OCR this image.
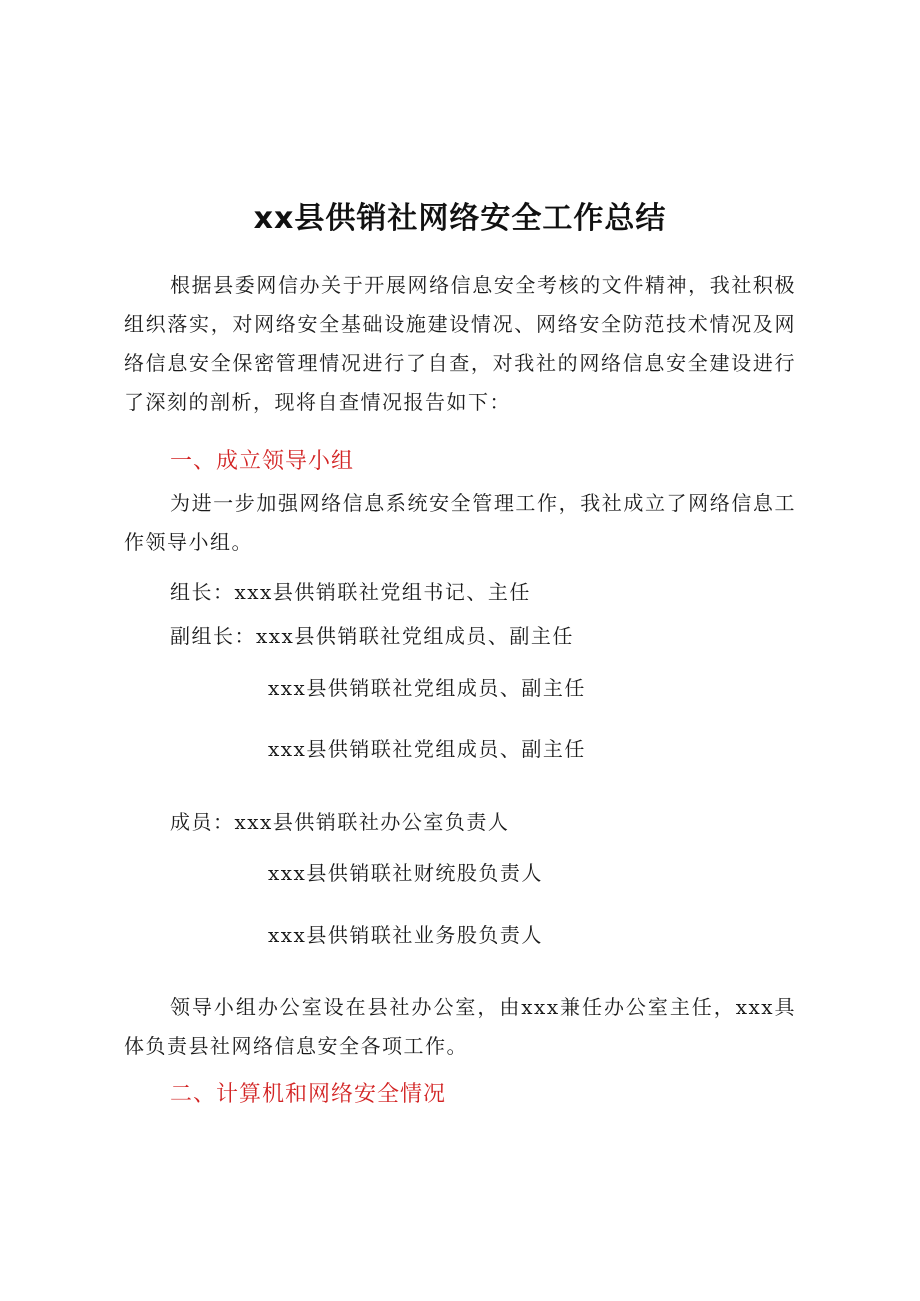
xx县供销社网络安全工作总结

根据县委网信办关于开展网络信息安全考核的文件精神，我社积极组织落实，对网络安全基础设施建设情况、网络安全防范技术情况及网络信息安全保密管理情况进行了自查，对我社的网络信息安全建设进行了深刻的剖析，现将自查情况报告如下：

一、成立领导小组

为进一步加强网络信息系统安全管理工作，我社成立了网络信息工作领导小组。

组长：xxx县供销联社党组书记、主任
副组长：xxx县供销联社党组成员、副主任
xxx县供销联社党组成员、副主任
xxx县供销联社党组成员、副主任
成员：xxx县供销联社办公室负责人
xxx县供销联社财统股负责人
xxx县供销联社业务股负责人

领导小组办公室设在县社办公室，由xxx兼任办公室主任，xxx具体负责县社网络信息安全各项工作。

二、计算机和网络安全情况
